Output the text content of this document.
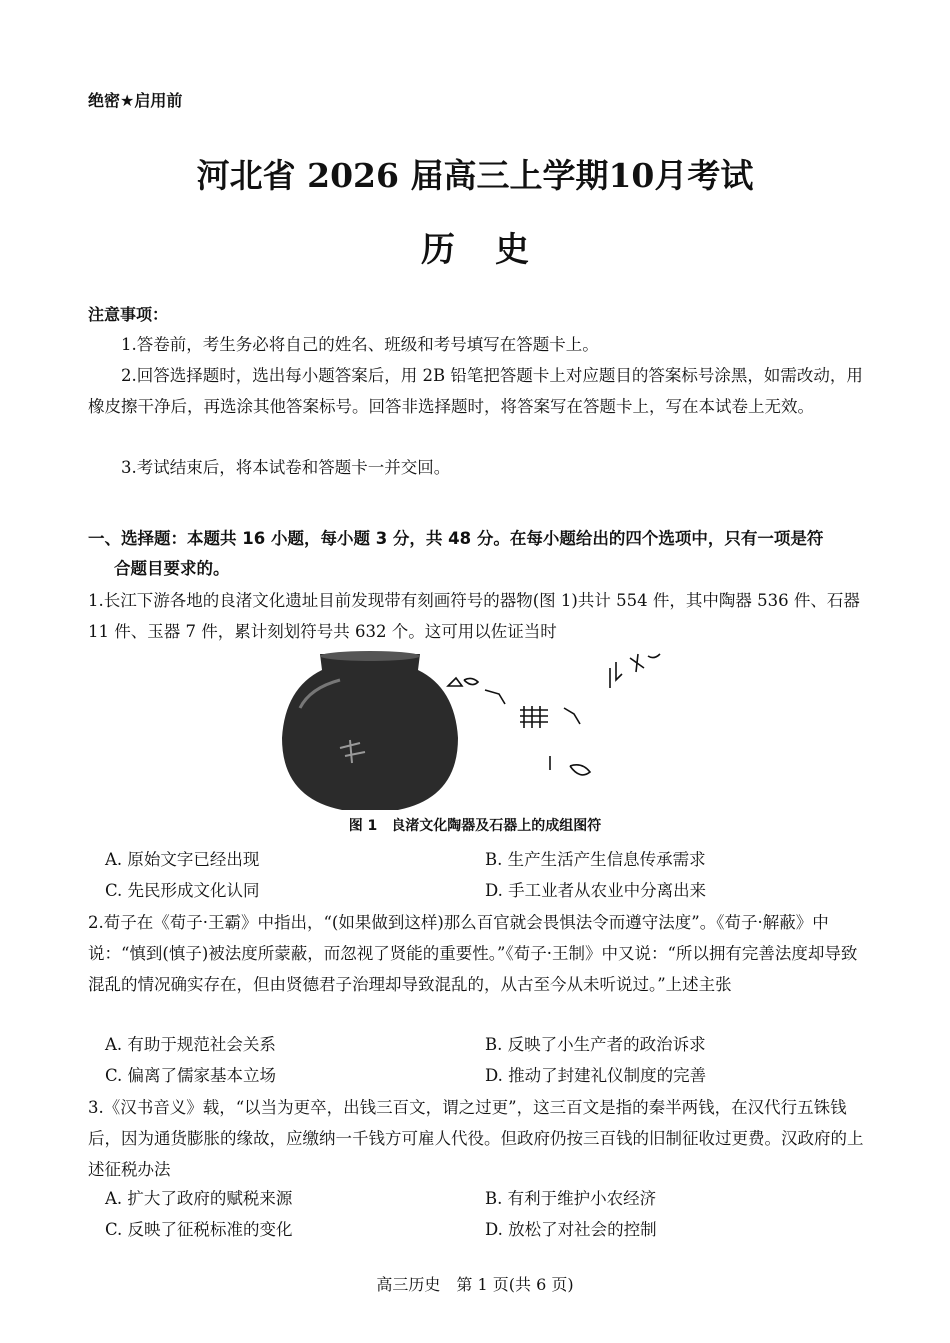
绝密★启用前
河北省 2026 届高三上学期10月考试
历史
注意事项：
1.答卷前，考生务必将自己的姓名、班级和考号填写在答题卡上。
2.回答选择题时，选出每小题答案后，用 2B 铅笔把答题卡上对应题目的答案标号涂黑，如需改动，用橡皮擦干净后，再选涂其他答案标号。回答非选择题时，将答案写在答题卡上，写在本试卷上无效。
3.考试结束后，将本试卷和答题卡一并交回。
一、选择题：本题共 16 小题，每小题 3 分，共 48 分。在每小题给出的四个选项中，只有一项是符
合题目要求的。
1.长江下游各地的良渚文化遗址目前发现带有刻画符号的器物(图 1)共计 554 件，其中陶器 536 件、石器 11 件、玉器 7 件，累计刻划符号共 632 个。这可用以佐证当时
图 1　良渚文化陶器及石器上的成组图符
A. 原始文字已经出现	B. 生产生活产生信息传承需求
C. 先民形成文化认同	D. 手工业者从农业中分离出来
2.荀子在《荀子·王霸》中指出，“(如果做到这样)那么百官就会畏惧法令而遵守法度”。《荀子·解蔽》中说：“慎到(慎子)被法度所蒙蔽，而忽视了贤能的重要性。”《荀子·王制》中又说：“所以拥有完善法度却导致混乱的情况确实存在，但由贤德君子治理却导致混乱的，从古至今从未听说过。”上述主张
A. 有助于规范社会关系	B. 反映了小生产者的政治诉求
C. 偏离了儒家基本立场	D. 推动了封建礼仪制度的完善
3.《汉书音义》载，“以当为更卒，出钱三百文，谓之过更”，这三百文是指的秦半两钱，在汉代行五铢钱后，因为通货膨胀的缘故，应缴纳一千钱方可雇人代役。但政府仍按三百钱的旧制征收过更费。汉政府的上述征税办法
A. 扩大了政府的赋税来源	B. 有利于维护小农经济
C. 反映了征税标准的变化	D. 放松了对社会的控制
高三历史　第 1 页(共 6 页)
